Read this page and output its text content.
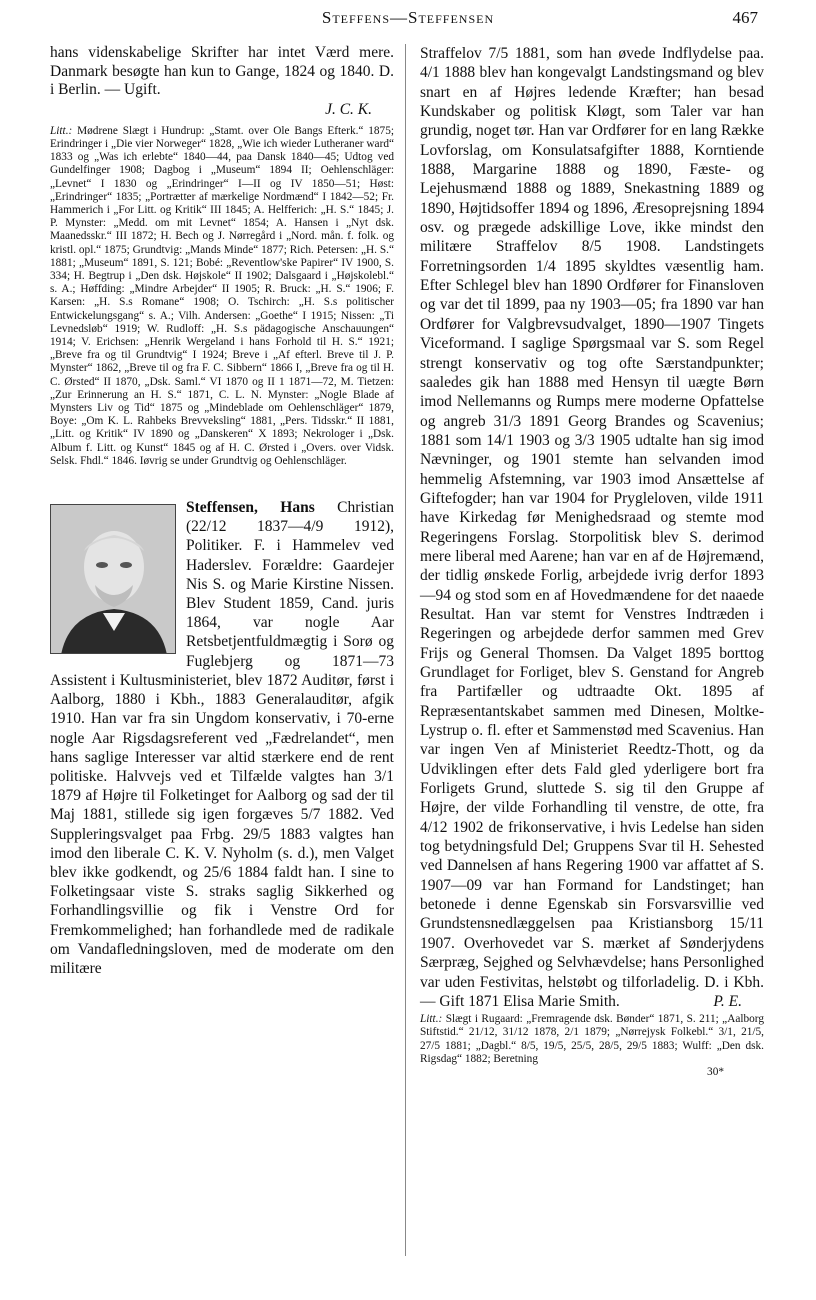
Steffens—Steffensen	467

hans videnskabelige Skrifter har intet Værd mere. Danmark besøgte han kun to Gange, 1824 og 1840. D. i Berlin. — Ugift.

J. C. K.

Litt.: Mødrene Slægt i Hundrup: „Stamt. over Ole Bangs Efterk.“ 1875; Erindringer i „Die vier Norweger“ 1828, „Wie ich wieder Lutheraner ward“ 1833 og „Was ich erlebte“ 1840—44, paa Dansk 1840—45; Udtog ved Gundelfinger 1908; Dagbog i „Museum“ 1894 II; Oehlenschläger: „Levnet“ I 1830 og „Erindringer“ I—II og IV 1850—51; Høst: „Erindringer“ 1835; „Portrætter af mærkelige Nordmænd“ I 1842—52; Fr. Hammerich i „For Litt. og Kritik“ III 1845; A. Helfferich: „H. S.“ 1845; J. P. Mynster: „Medd. om mit Levnet“ 1854; A. Hansen i „Nyt dsk. Maanedsskr.“ III 1872; H. Bech og J. Nørregård i „Nord. mån. f. folk. og kristl. opl.“ 1875; Grundtvig: „Mands Minde“ 1877; Rich. Petersen: „H. S.“ 1881; „Museum“ 1891, S. 121; Bobé: „Reventlow'ske Papirer“ IV 1900, S. 334; H. Begtrup i „Den dsk. Højskole“ II 1902; Dalsgaard i „Højskolebl.“ s. A.; Høffding: „Mindre Arbejder“ II 1905; R. Bruck: „H. S.“ 1906; F. Karsen: „H. S.s Romane“ 1908; O. Tschirch: „H. S.s politischer Entwickelungsgang“ s. A.; Vilh. Andersen: „Goethe“ I 1915; Nissen: „Ti Levnedsløb“ 1919; W. Rudloff: „H. S.s pädagogische Anschauungen“ 1914; V. Erichsen: „Henrik Wergeland i hans Forhold til H. S.“ 1921; „Breve fra og til Grundtvig“ I 1924; Breve i „Af efterl. Breve til J. P. Mynster“ 1862, „Breve til og fra F. C. Sibbern“ 1866 I, „Breve fra og til H. C. Ørsted“ II 1870, „Dsk. Saml.“ VI 1870 og II 1 1871—72, M. Tietzen: „Zur Erinnerung an H. S.“ 1871, C. L. N. Mynster: „Nogle Blade af Mynsters Liv og Tid“ 1875 og „Mindeblade om Oehlenschläger“ 1879, Boye: „Om K. L. Rahbeks Brevveksling“ 1881, „Pers. Tidsskr.“ II 1881, „Litt. og Kritik“ IV 1890 og „Danskeren“ X 1893; Nekrologer i „Dsk. Album f. Litt. og Kunst“ 1845 og af H. C. Ørsted i „Overs. over Vidsk. Selsk. Fhdl.“ 1846. Iøvrig se under Grundtvig og Oehlenschläger.

Steffensen, Hans Christian (22/12 1837—4/9 1912), Politiker. F. i Hammelev ved Haderslev. Forældre: Gaardejer Nis S. og Marie Kirstine Nissen. Blev Student 1859, Cand. juris 1864, var nogle Aar Retsbetjentfuldmægtig i Sorø og Fuglebjerg og 1871—73 Assistent i Kultusministeriet, blev 1872 Auditør, først i Aalborg, 1880 i Kbh., 1883 Generalauditør, afgik 1910. Han var fra sin Ungdom konservativ, i 70-erne nogle Aar Rigsdagsreferent ved „Fædrelandet“, men hans saglige Interesser var altid stærkere end de rent politiske. Halvvejs ved et Tilfælde valgtes han 3/1 1879 af Højre til Folketinget for Aalborg og sad der til Maj 1881, stillede sig igen forgæves 5/7 1882. Ved Suppleringsvalget paa Frbg. 29/5 1883 valgtes han imod den liberale C. K. V. Nyholm (s. d.), men Valget blev ikke godkendt, og 25/6 1884 faldt han. I sine to Folketingsaar viste S. straks saglig Sikkerhed og Forhandlingsvillie og fik i Venstre Ord for Fremkommelighed; han forhandlede med de radikale om Vandafledningsloven, med de moderate om den militære

Straffelov 7/5 1881, som han øvede Indflydelse paa. 4/1 1888 blev han kongevalgt Landstingsmand og blev snart en af Højres ledende Kræfter; han besad Kundskaber og politisk Kløgt, som Taler var han grundig, noget tør. Han var Ordfører for en lang Række Lovforslag, om Konsulatsafgifter 1888, Korntiende 1888, Margarine 1888 og 1890, Fæste- og Lejehusmænd 1888 og 1889, Snekastning 1889 og 1890, Højtidsoffer 1894 og 1896, Æresoprejsning 1894 osv. og prægede adskillige Love, ikke mindst den militære Straffelov 8/5 1908. Landstingets Forretningsorden 1/4 1895 skyldtes væsentlig ham. Efter Schlegel blev han 1890 Ordfører for Finansloven og var det til 1899, paa ny 1903—05; fra 1890 var han Ordfører for Valgbrevsudvalget, 1890—1907 Tingets Viceformand. I saglige Spørgsmaal var S. som Regel strengt konservativ og tog ofte Særstandpunkter; saaledes gik han 1888 med Hensyn til uægte Børn imod Nellemanns og Rumps mere moderne Opfattelse og angreb 31/3 1891 Georg Brandes og Scavenius; 1881 som 14/1 1903 og 3/3 1905 udtalte han sig imod Nævninger, og 1901 stemte han selvanden imod hemmelig Afstemning, var 1903 imod Ansættelse af Giftefogder; han var 1904 for Prygleloven, vilde 1911 have Kirkedag før Menighedsraad og stemte mod Regeringens Forslag. Storpolitisk blev S. derimod mere liberal med Aarene; han var en af de Højremænd, der tidlig ønskede Forlig, arbejdede ivrig derfor 1893—94 og stod som en af Hovedmændene for det naaede Resultat. Han var stemt for Venstres Indtræden i Regeringen og arbejdede derfor sammen med Grev Frijs og General Thomsen. Da Valget 1895 borttog Grundlaget for Forliget, blev S. Genstand for Angreb fra Partifæller og udtraadte Okt. 1895 af Repræsentantskabet sammen med Dinesen, Moltke-Lystrup o. fl. efter et Sammenstød med Scavenius. Han var ingen Ven af Ministeriet Reedtz-Thott, og da Udviklingen efter dets Fald gled yderligere bort fra Forligets Grund, sluttede S. sig til den Gruppe af Højre, der vilde Forhandling til venstre, de otte, fra 4/12 1902 de frikonservative, i hvis Ledelse han siden tog betydningsfuld Del; Gruppens Svar til H. Sehested ved Dannelsen af hans Regering 1900 var affattet af S. 1907—09 var han Formand for Landstinget; han betonede i denne Egenskab sin Forsvarsvillie ved Grundstensnedlæggelsen paa Kristiansborg 15/11 1907. Overhovedet var S. mærket af Sønderjydens Særpræg, Sejghed og Selvhævdelse; hans Personlighed var uden Festivitas, helstøbt og tilforladelig. D. i Kbh. — Gift 1871 Elisa Marie Smith.	P. E.

Litt.: Slægt i Rugaard: „Fremragende dsk. Bønder“ 1871, S. 211; „Aalborg Stiftstid.“ 21/12, 31/12 1878, 2/1 1879; „Nørrejysk Folkebl.“ 3/1, 21/5, 27/5 1881; „Dagbl.“ 8/5, 19/5, 25/5, 28/5, 29/5 1883; Wulff: „Den dsk. Rigsdag“ 1882; Beretning

30*
